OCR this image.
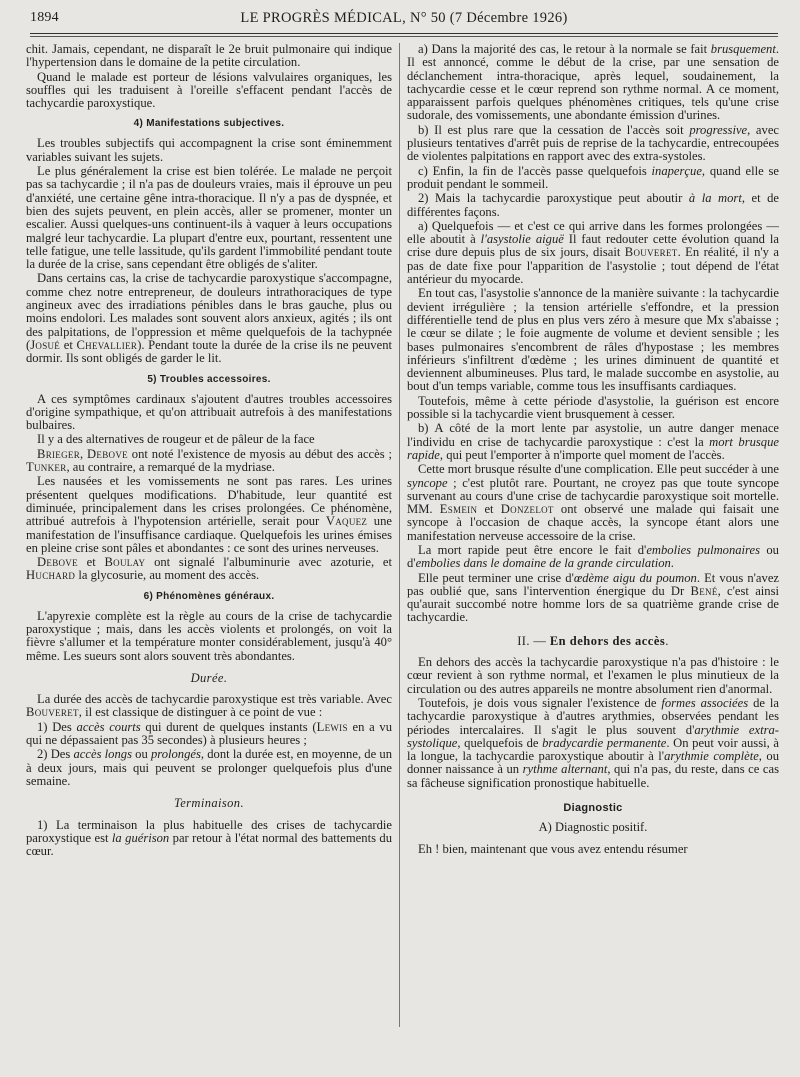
1894	LE PROGRÈS MÉDICAL, N° 50 (7 Décembre 1926)

chit. Jamais, cependant, ne disparaît le 2e bruit pulmonaire qui indique l'hypertension dans le domaine de la petite circulation.

Quand le malade est porteur de lésions valvulaires organiques, les souffles qui les traduisent à l'oreille s'effacent pendant l'accès de tachycardie paroxystique.

4) Manifestations subjectives.

Les troubles subjectifs qui accompagnent la crise sont éminemment variables suivant les sujets.

Le plus généralement la crise est bien tolérée. Le malade ne perçoit pas sa tachycardie ; il n'a pas de douleurs vraies, mais il éprouve un peu d'anxiété, une certaine gêne intra-thoracique. Il n'y a pas de dyspnée, et bien des sujets peuvent, en plein accès, aller se promener, monter un escalier. Aussi quelques-uns continuent-ils à vaquer à leurs occupations malgré leur tachycardie. La plupart d'entre eux, pourtant, ressentent une telle fatigue, une telle lassitude, qu'ils gardent l'immobilité pendant toute la durée de la crise, sans cependant être obligés de s'aliter.

Dans certains cas, la crise de tachycardie paroxystique s'accompagne, comme chez notre entrepreneur, de douleurs intrathoraciques de type angineux avec des irradiations pénibles dans le bras gauche, plus ou moins endolori. Les malades sont souvent alors anxieux, agités ; ils ont des palpitations, de l'oppression et même quelquefois de la tachypnée (Josué et Chevallier). Pendant toute la durée de la crise ils ne peuvent dormir. Ils sont obligés de garder le lit.

5) Troubles accessoires.

A ces symptômes cardinaux s'ajoutent d'autres troubles accessoires d'origine sympathique, et qu'on attribuait autrefois à des manifestations bulbaires.

Il y a des alternatives de rougeur et de pâleur de la face

Brieger, Debove ont noté l'existence de myosis au début des accès ; Tunker, au contraire, a remarqué de la mydriase.

Les nausées et les vomissements ne sont pas rares. Les urines présentent quelques modifications. D'habitude, leur quantité est diminuée, principalement dans les crises prolongées. Ce phénomène, attribué autrefois à l'hypotension artérielle, serait pour Vaquez une manifestation de l'insuffisance cardiaque. Quelquefois les urines émises en pleine crise sont pâles et abondantes : ce sont des urines nerveuses.

Debove et Boulay ont signalé l'albuminurie avec azoturie, et Huchard la glycosurie, au moment des accès.

6) Phénomènes généraux.

L'apyrexie complète est la règle au cours de la crise de tachycardie paroxystique ; mais, dans les accès violents et prolongés, on voit la fièvre s'allumer et la température monter considérablement, jusqu'à 40° même. Les sueurs sont alors souvent très abondantes.

Durée.

La durée des accès de tachycardie paroxystique est très variable. Avec Bouveret, il est classique de distinguer à ce point de vue :

1) Des accès courts qui durent de quelques instants (Lewis en a vu qui ne dépassaient pas 35 secondes) à plusieurs heures ;

2) Des accès longs ou prolongés, dont la durée est, en moyenne, de un à deux jours, mais qui peuvent se prolonger quelquefois plus d'une semaine.

Terminaison.

1) La terminaison la plus habituelle des crises de tachycardie paroxystique est la guérison par retour à l'état normal des battements du cœur.

a) Dans la majorité des cas, le retour à la normale se fait brusquement. Il est annoncé, comme le début de la crise, par une sensation de déclanchement intra-thoracique, après lequel, soudainement, la tachycardie cesse et le cœur reprend son rythme normal. A ce moment, apparaissent parfois quelques phénomènes critiques, tels qu'une crise sudorale, des vomissements, une abondante émission d'urines.

b) Il est plus rare que la cessation de l'accès soit progressive, avec plusieurs tentatives d'arrêt puis de reprise de la tachycardie, entrecoupées de violentes palpitations en rapport avec des extra-systoles.

c) Enfin, la fin de l'accès passe quelquefois inaperçue, quand elle se produit pendant le sommeil.

2) Mais la tachycardie paroxystique peut aboutir à la mort, et de différentes façons.

a) Quelquefois — et c'est ce qui arrive dans les formes prolongées — elle aboutit à l'asystolie aiguë Il faut redouter cette évolution quand la crise dure depuis plus de six jours, disait Bouveret. En réalité, il n'y a pas de date fixe pour l'apparition de l'asystolie ; tout dépend de l'état antérieur du myocarde.

En tout cas, l'asystolie s'annonce de la manière suivante : la tachycardie devient irrégulière ; la tension artérielle s'effondre, et la pression différentielle tend de plus en plus vers zéro à mesure que Mx s'abaisse ; le cœur se dilate ; le foie augmente de volume et devient sensible ; les bases pulmonaires s'encombrent de râles d'hypostase ; les membres inférieurs s'infiltrent d'œdème ; les urines diminuent de quantité et deviennent albumineuses. Plus tard, le malade succombe en asystolie, au bout d'un temps variable, comme tous les insuffisants cardiaques.

Toutefois, même à cette période d'asystolie, la guérison est encore possible si la tachycardie vient brusquement à cesser.

b) A côté de la mort lente par asystolie, un autre danger menace l'individu en crise de tachycardie paroxystique : c'est la mort brusque rapide, qui peut l'emporter à n'importe quel moment de l'accès.

Cette mort brusque résulte d'une complication. Elle peut succéder à une syncope ; c'est plutôt rare. Pourtant, ne croyez pas que toute syncope survenant au cours d'une crise de tachycardie paroxystique soit mortelle. MM. Esmein et Donzelot ont observé une malade qui faisait une syncope à l'occasion de chaque accès, la syncope étant alors une manifestation nerveuse accessoire de la crise.

La mort rapide peut être encore le fait d'embolies pulmonaires ou d'embolies dans le domaine de la grande circulation.

Elle peut terminer une crise d'œdème aigu du poumon. Et vous n'avez pas oublié que, sans l'intervention énergique du Dr Bené, c'est ainsi qu'aurait succombé notre homme lors de sa quatrième grande crise de tachycardie.

II. — En dehors des accès.

En dehors des accès la tachycardie paroxystique n'a pas d'histoire : le cœur revient à son rythme normal, et l'examen le plus minutieux de la circulation ou des autres appareils ne montre absolument rien d'anormal.

Toutefois, je dois vous signaler l'existence de formes associées de la tachycardie paroxystique à d'autres arythmies, observées pendant les périodes intercalaires. Il s'agit le plus souvent d'arythmie extra-systolique, quelquefois de bradycardie permanente. On peut voir aussi, à la longue, la tachycardie paroxystique aboutir à l'arythmie complète, ou donner naissance à un rythme alternant, qui n'a pas, du reste, dans ce cas sa fâcheuse signification pronostique habituelle.

Diagnostic
A) Diagnostic positif.

Eh ! bien, maintenant que vous avez entendu résumer
